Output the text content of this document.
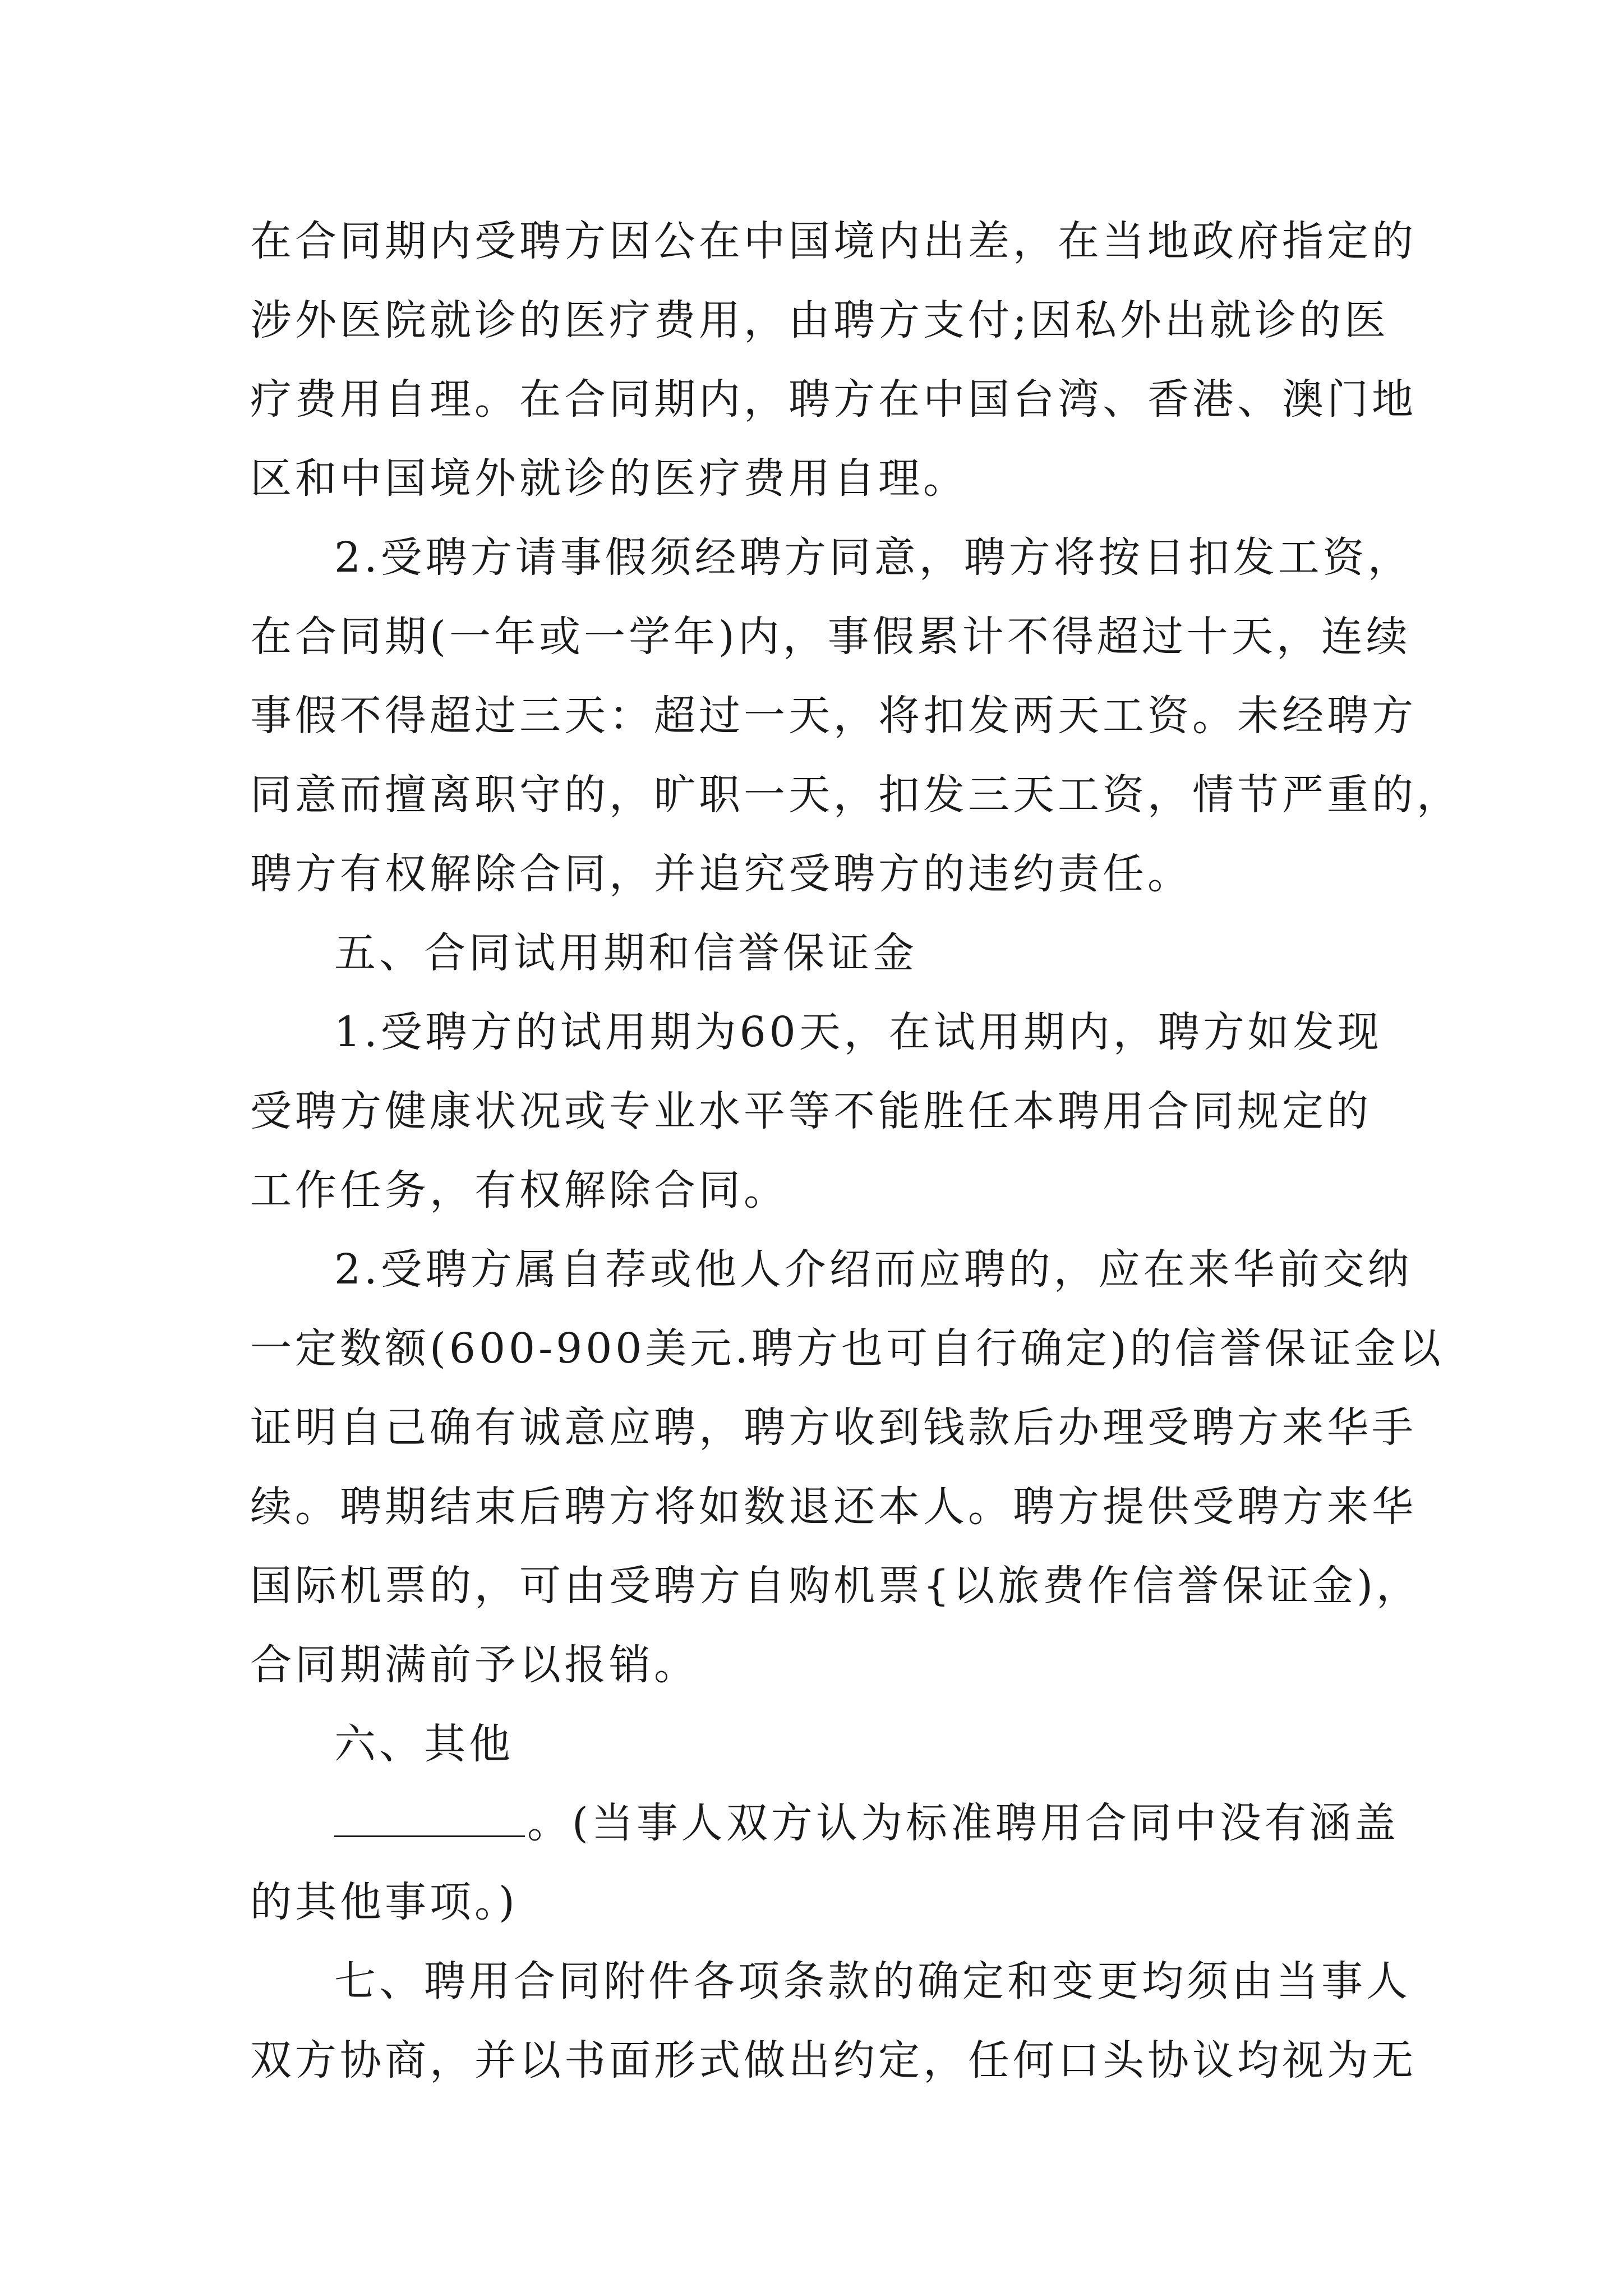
在合同期内受聘方因公在中国境内出差，在当地政府指定的
涉外医院就诊的医疗费用，由聘方支付;因私外出就诊的医
疗费用自理。在合同期内，聘方在中国台湾、香港、澳门地
区和中国境外就诊的医疗费用自理。
2.受聘方请事假须经聘方同意，聘方将按日扣发工资，
在合同期(一年或一学年)内，事假累计不得超过十天，连续
事假不得超过三天：超过一天，将扣发两天工资。未经聘方
同意而擅离职守的，旷职一天，扣发三天工资，情节严重的，
聘方有权解除合同，并追究受聘方的违约责任。
五、合同试用期和信誉保证金
1.受聘方的试用期为60天，在试用期内，聘方如发现
受聘方健康状况或专业水平等不能胜任本聘用合同规定的
工作任务，有权解除合同。
2.受聘方属自荐或他人介绍而应聘的，应在来华前交纳
一定数额(600-900美元.聘方也可自行确定)的信誉保证金以
证明自己确有诚意应聘，聘方收到钱款后办理受聘方来华手
续。聘期结束后聘方将如数退还本人。聘方提供受聘方来华
国际机票的，可由受聘方自购机票{以旅费作信誉保证金)，
合同期满前予以报销。
六、其他
。(当事人双方认为标准聘用合同中没有涵盖
的其他事项。)
七、聘用合同附件各项条款的确定和变更均须由当事人
双方协商，并以书面形式做出约定，任何口头协议均视为无
